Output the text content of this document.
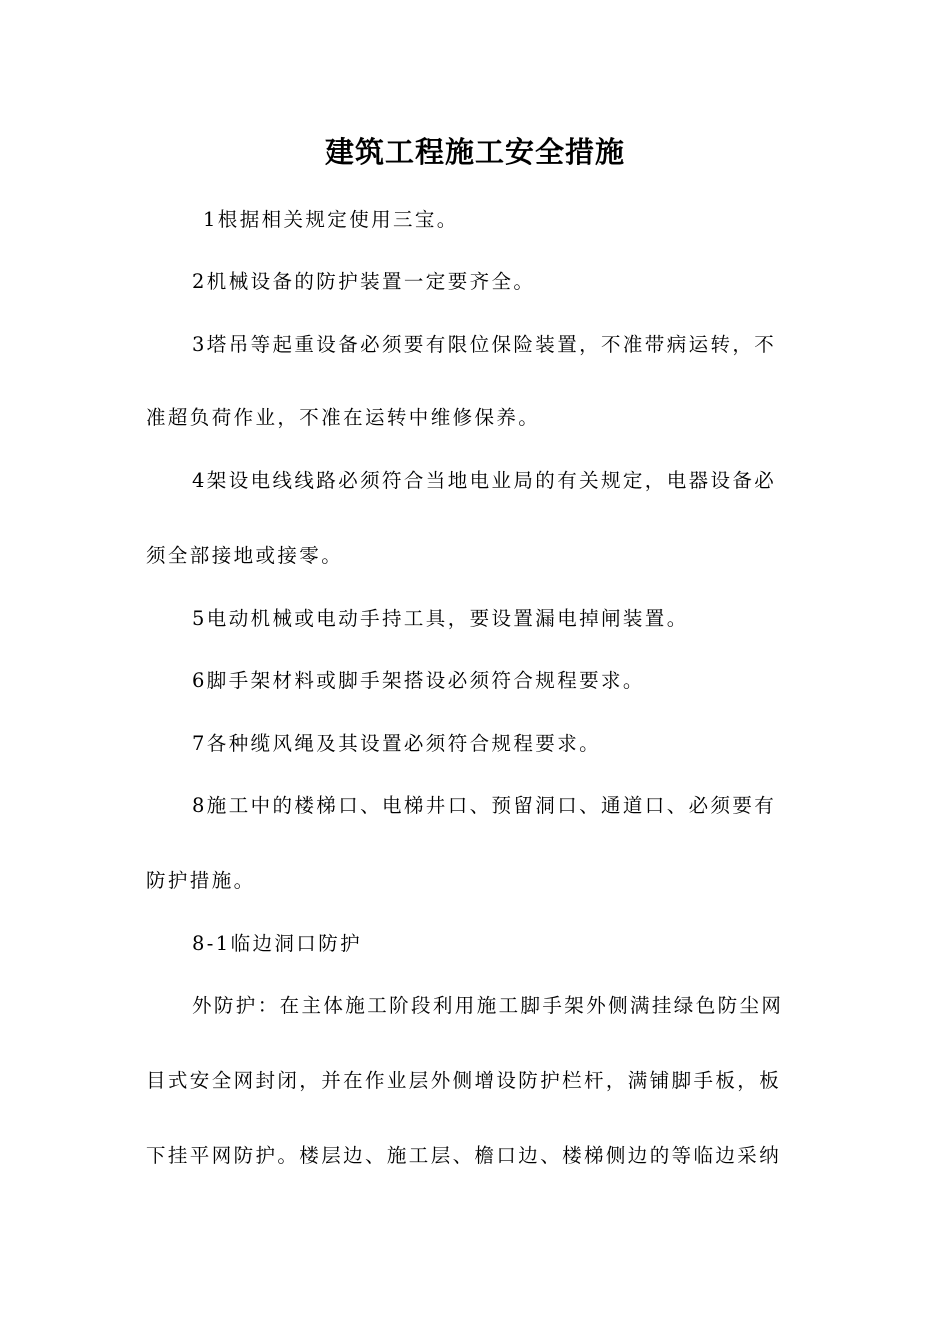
建筑工程施工安全措施
1根据相关规定使用三宝。
2机械设备的防护装置一定要齐全。
3塔吊等起重设备必须要有限位保险装置，不准带病运转，不
准超负荷作业，不准在运转中维修保养。
4架设电线线路必须符合当地电业局的有关规定，电器设备必
须全部接地或接零。
5电动机械或电动手持工具，要设置漏电掉闸装置。
6脚手架材料或脚手架搭设必须符合规程要求。
7各种缆风绳及其设置必须符合规程要求。
8施工中的楼梯口、电梯井口、预留洞口、通道口、必须要有
防护措施。
8-1临边洞口防护
外防护：在主体施工阶段利用施工脚手架外侧满挂绿色防尘网
目式安全网封闭，并在作业层外侧增设防护栏杆，满铺脚手板，板
下挂平网防护。楼层边、施工层、檐口边、楼梯侧边的等临边采纳
